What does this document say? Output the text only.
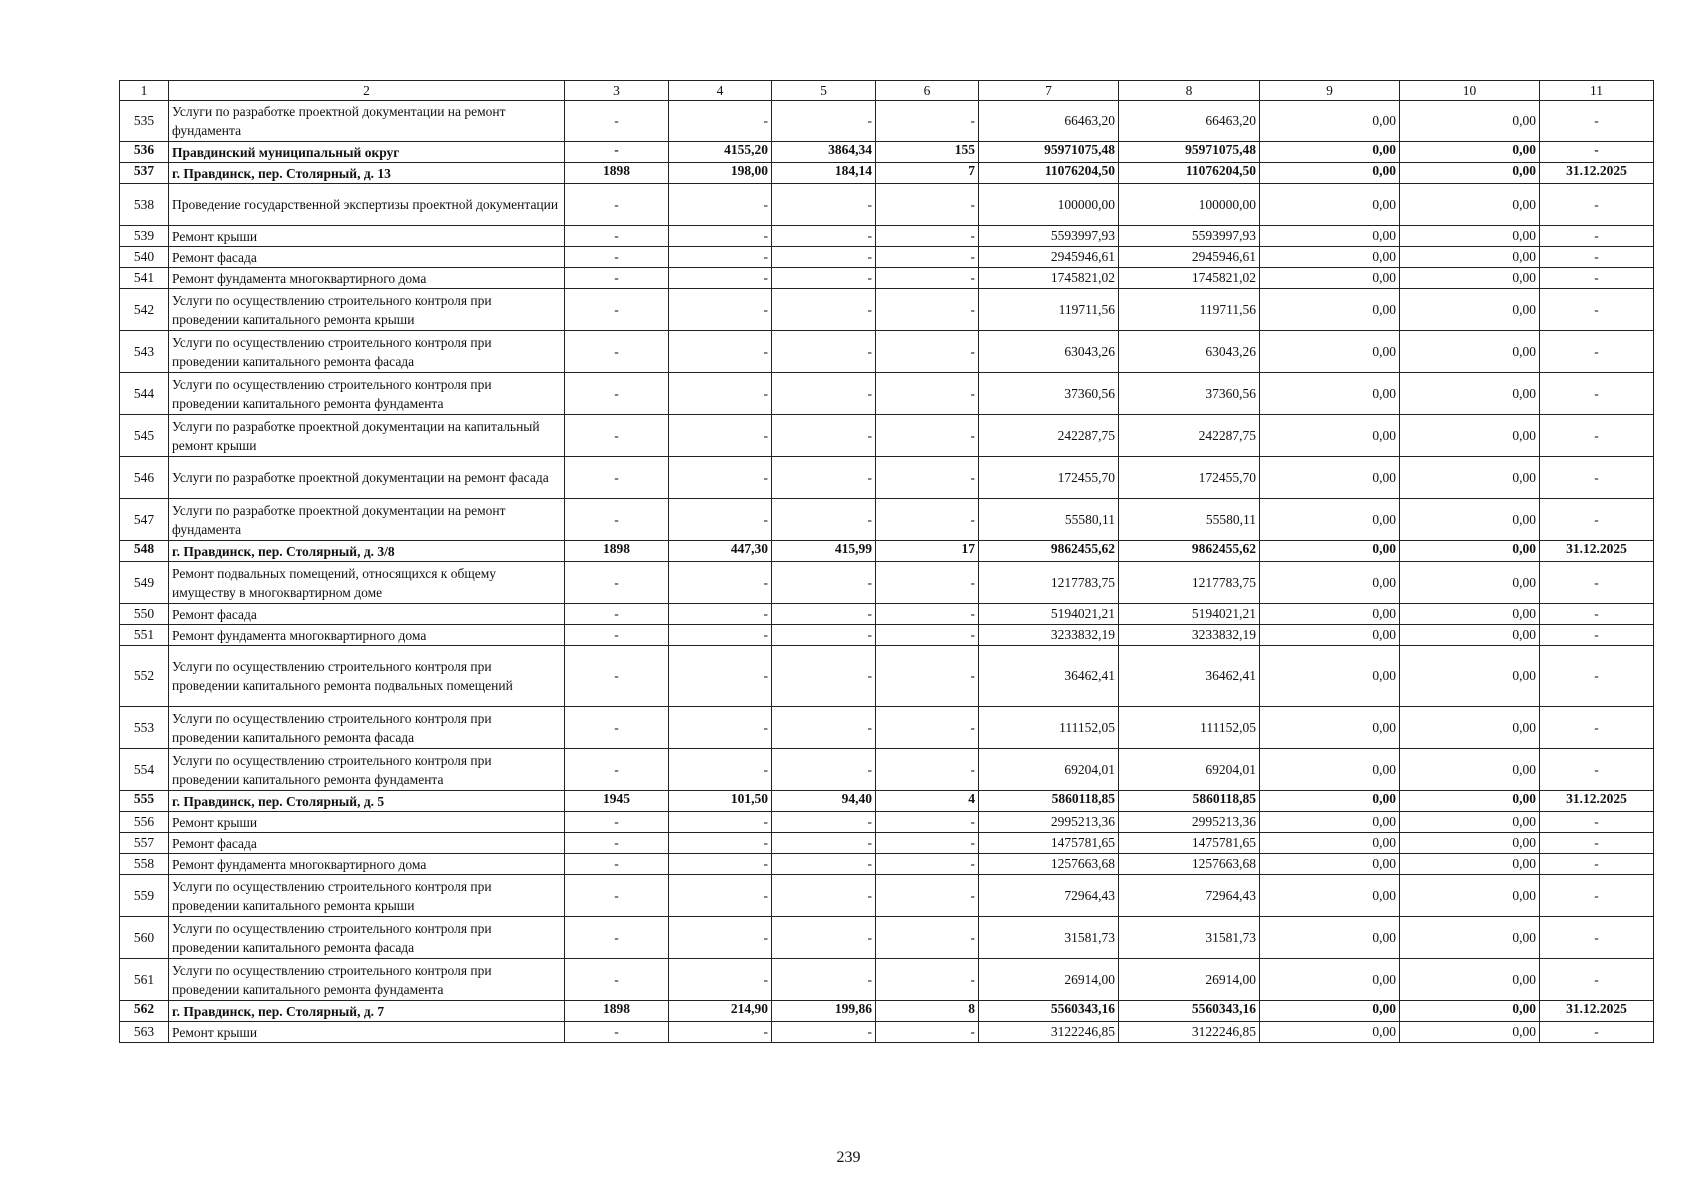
1	2	3	4	5	6	7	8	9	10	11
535	Услуги по разработке проектной документации на ремонт фундамента	-	-	-	-	66463,20	66463,20	0,00	0,00	-
536	Правдинский муниципальный округ	-	4155,20	3864,34	155	95971075,48	95971075,48	0,00	0,00	-
537	г. Правдинск, пер. Столярный, д. 13	1898	198,00	184,14	7	11076204,50	11076204,50	0,00	0,00	31.12.2025
538	Проведение государственной экспертизы проектной документации	-	-	-	-	100000,00	100000,00	0,00	0,00	-
539	Ремонт крыши	-	-	-	-	5593997,93	5593997,93	0,00	0,00	-
540	Ремонт фасада	-	-	-	-	2945946,61	2945946,61	0,00	0,00	-
541	Ремонт фундамента многоквартирного дома	-	-	-	-	1745821,02	1745821,02	0,00	0,00	-
542	Услуги по осуществлению строительного контроля при проведении капитального ремонта крыши	-	-	-	-	119711,56	119711,56	0,00	0,00	-
543	Услуги по осуществлению строительного контроля при проведении капитального ремонта фасада	-	-	-	-	63043,26	63043,26	0,00	0,00	-
544	Услуги по осуществлению строительного контроля при проведении капитального ремонта фундамента	-	-	-	-	37360,56	37360,56	0,00	0,00	-
545	Услуги по разработке проектной документации на капитальный ремонт крыши	-	-	-	-	242287,75	242287,75	0,00	0,00	-
546	Услуги по разработке проектной документации на ремонт фасада	-	-	-	-	172455,70	172455,70	0,00	0,00	-
547	Услуги по разработке проектной документации на ремонт фундамента	-	-	-	-	55580,11	55580,11	0,00	0,00	-
548	г. Правдинск, пер. Столярный, д. 3/8	1898	447,30	415,99	17	9862455,62	9862455,62	0,00	0,00	31.12.2025
549	Ремонт подвальных помещений, относящихся к общему имуществу в многоквартирном доме	-	-	-	-	1217783,75	1217783,75	0,00	0,00	-
550	Ремонт фасада	-	-	-	-	5194021,21	5194021,21	0,00	0,00	-
551	Ремонт фундамента многоквартирного дома	-	-	-	-	3233832,19	3233832,19	0,00	0,00	-
552	Услуги по осуществлению строительного контроля при проведении капитального ремонта подвальных помещений	-	-	-	-	36462,41	36462,41	0,00	0,00	-
553	Услуги по осуществлению строительного контроля при проведении капитального ремонта фасада	-	-	-	-	111152,05	111152,05	0,00	0,00	-
554	Услуги по осуществлению строительного контроля при проведении капитального ремонта фундамента	-	-	-	-	69204,01	69204,01	0,00	0,00	-
555	г. Правдинск, пер. Столярный, д. 5	1945	101,50	94,40	4	5860118,85	5860118,85	0,00	0,00	31.12.2025
556	Ремонт крыши	-	-	-	-	2995213,36	2995213,36	0,00	0,00	-
557	Ремонт фасада	-	-	-	-	1475781,65	1475781,65	0,00	0,00	-
558	Ремонт фундамента многоквартирного дома	-	-	-	-	1257663,68	1257663,68	0,00	0,00	-
559	Услуги по осуществлению строительного контроля при проведении капитального ремонта крыши	-	-	-	-	72964,43	72964,43	0,00	0,00	-
560	Услуги по осуществлению строительного контроля при проведении капитального ремонта фасада	-	-	-	-	31581,73	31581,73	0,00	0,00	-
561	Услуги по осуществлению строительного контроля при проведении капитального ремонта фундамента	-	-	-	-	26914,00	26914,00	0,00	0,00	-
562	г. Правдинск, пер. Столярный, д. 7	1898	214,90	199,86	8	5560343,16	5560343,16	0,00	0,00	31.12.2025
563	Ремонт крыши	-	-	-	-	3122246,85	3122246,85	0,00	0,00	-
239
